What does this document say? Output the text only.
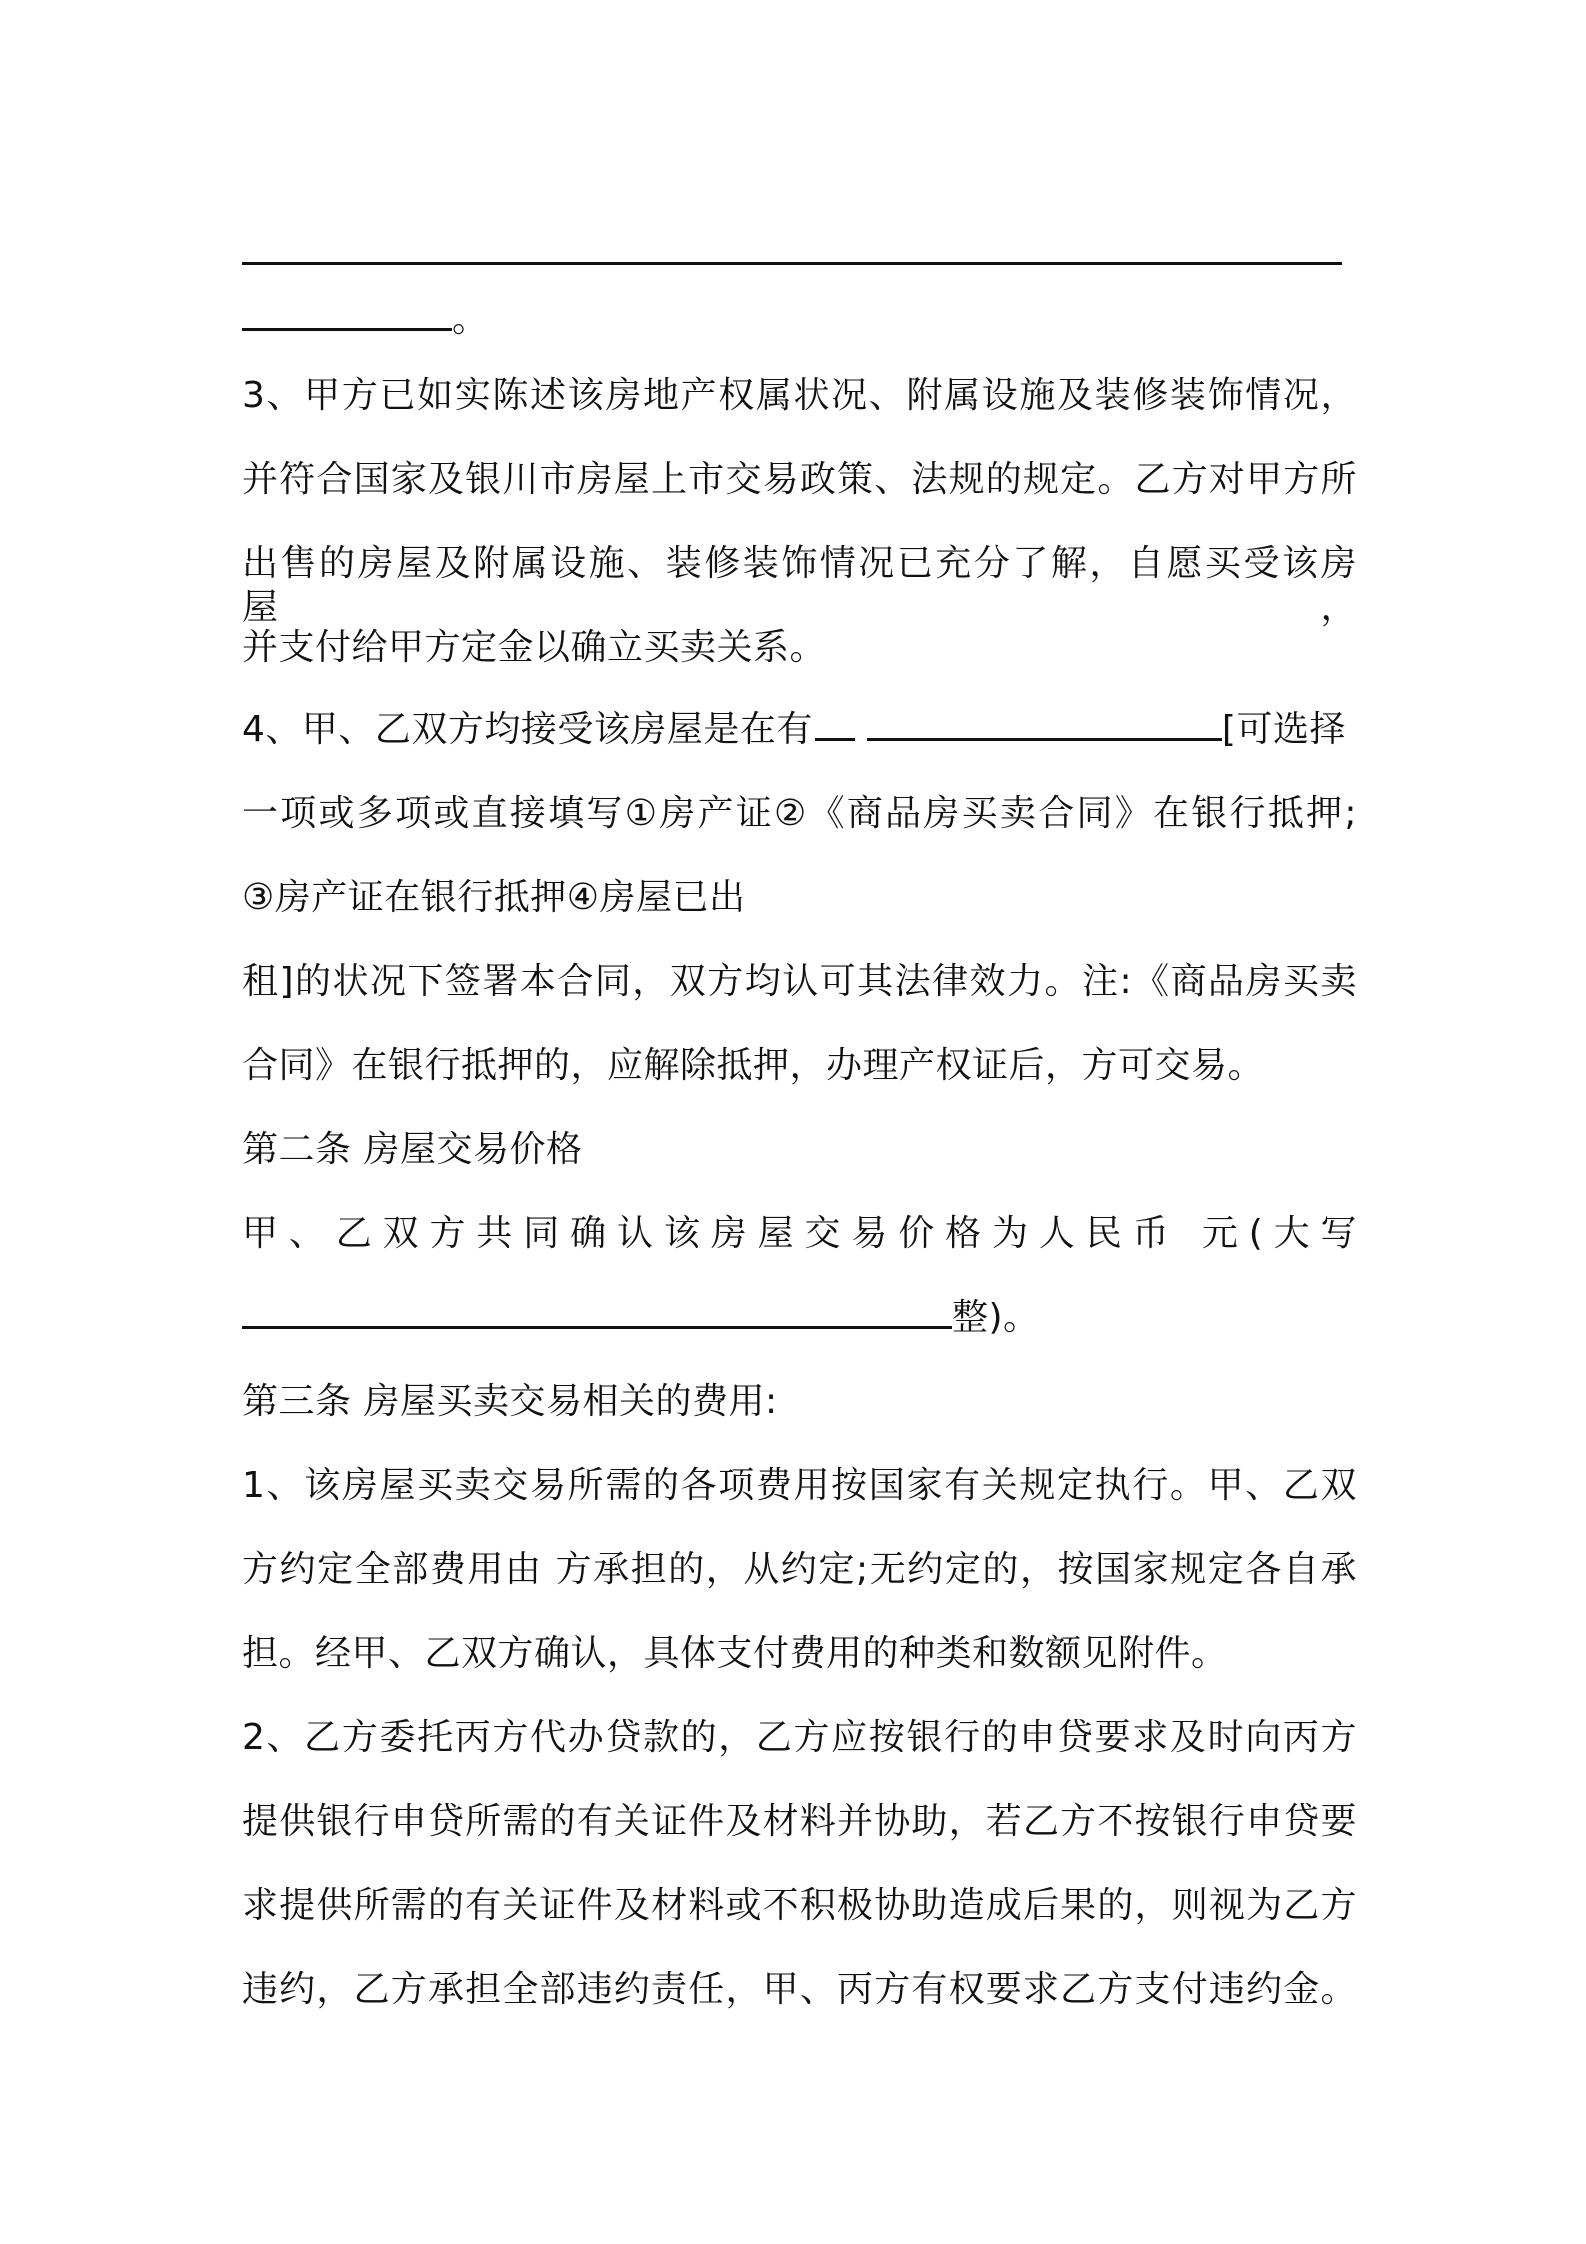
。
3、甲方已如实陈述该房地产权属状况、附属设施及装修装饰情况，
并符合国家及银川市房屋上市交易政策、法规的规定。乙方对甲方所
出售的房屋及附属设施、装修装饰情况已充分了解，自愿买受该房屋，
并支付给甲方定金以确立买卖关系。
4、甲、乙双方均接受该房屋是在有	[可选择
一项或多项或直接填写①房产证②《商品房买卖合同》在银行抵押;
③房产证在银行抵押④房屋已出
租]的状况下签署本合同，双方均认可其法律效力。注:《商品房买卖
合同》在银行抵押的，应解除抵押，办理产权证后，方可交易。
第二条 房屋交易价格
甲、乙双方共同确认该房屋交易价格为人民币 元(大写
整)。
第三条 房屋买卖交易相关的费用:
1、该房屋买卖交易所需的各项费用按国家有关规定执行。甲、乙双
方约定全部费用由 方承担的，从约定;无约定的，按国家规定各自承
担。经甲、乙双方确认，具体支付费用的种类和数额见附件。
2、乙方委托丙方代办贷款的，乙方应按银行的申贷要求及时向丙方
提供银行申贷所需的有关证件及材料并协助，若乙方不按银行申贷要
求提供所需的有关证件及材料或不积极协助造成后果的，则视为乙方
违约，乙方承担全部违约责任，甲、丙方有权要求乙方支付违约金。
